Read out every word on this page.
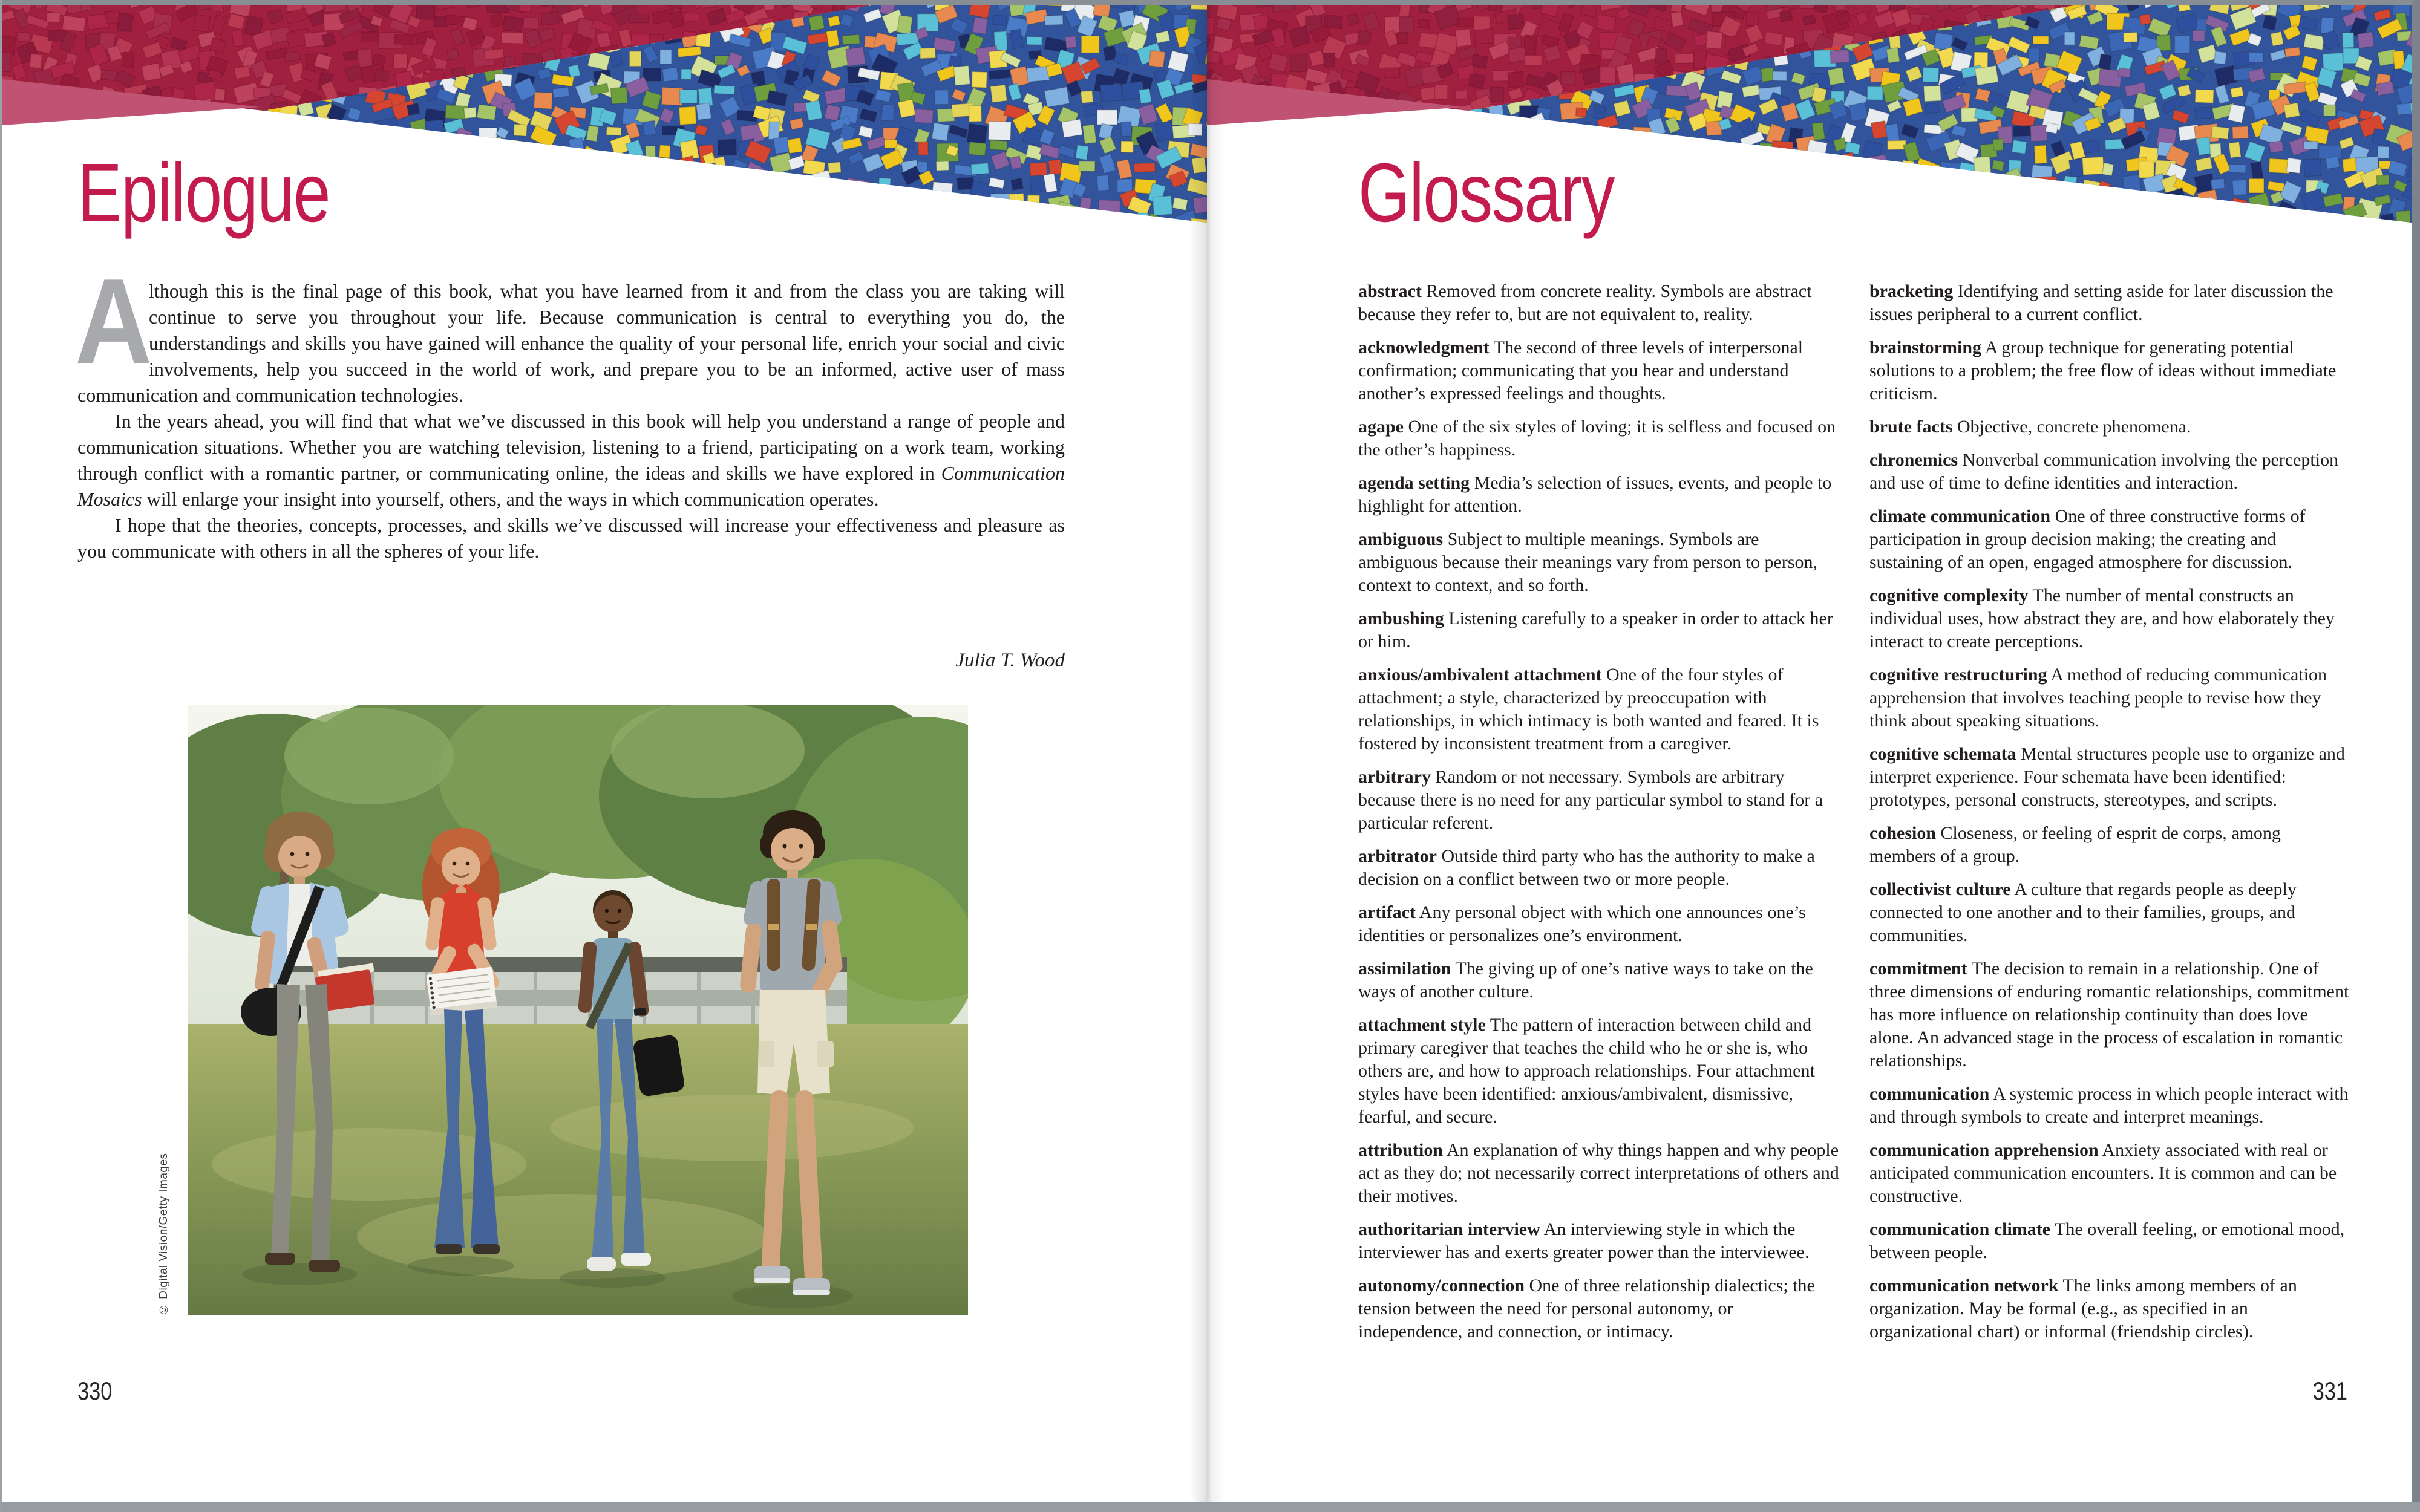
Epilogue
A

lthough this is the final page of this book, what you have learned from it and from the class you are taking will continue to serve you throughout your life. Because communication is central to everything you do, the understandings and skills you have gained will enhance the quality of your personal life, enrich your social and civic involvements, help you succeed in the world of work, and prepare you to be an informed, active user of mass communication and communication technologies.

In the years ahead, you will find that what we’ve discussed in this book will help you understand a range of people and communication situations. Whether you are watching television, listening to a friend, participating on a work team, working through conflict with a romantic partner, or communicating online, the ideas and skills we have explored in Communication Mosaics will enlarge your insight into yourself, others, and the ways in which communication operates.

I hope that the theories, concepts, processes, and skills we’ve discussed will increase your effectiveness and pleasure as you communicate with others in all the spheres of your life.

Julia T. Wood
© Digital Vision/Getty Images
330
Glossary

abstract Removed from concrete reality. Symbols are abstract because they refer to, but are not equivalent to, reality.

acknowledgment The second of three levels of interpersonal confirmation; communicating that you hear and understand another’s expressed feelings and thoughts.

agape One of the six styles of loving; it is selfless and focused on the other’s happiness.

agenda setting Media’s selection of issues, events, and people to highlight for attention.

ambiguous Subject to multiple meanings. Symbols are ambiguous because their meanings vary from person to person, context to context, and so forth.

ambushing Listening carefully to a speaker in order to attack her or him.

anxious/ambivalent attachment One of the four styles of attachment; a style, characterized by preoccupation with relationships, in which intimacy is both wanted and feared. It is fostered by inconsistent treatment from a caregiver.

arbitrary Random or not necessary. Symbols are arbitrary because there is no need for any particular symbol to stand for a particular referent.

arbitrator Outside third party who has the authority to make a decision on a conflict between two or more people.

artifact Any personal object with which one announces one’s identities or personalizes one’s environment.

assimilation The giving up of one’s native ways to take on the ways of another culture.

attachment style The pattern of interaction between child and primary caregiver that teaches the child who he or she is, who others are, and how to approach relationships. Four attachment styles have been identified: anxious/ambivalent, dismissive, fearful, and secure.

attribution An explanation of why things happen and why people act as they do; not necessarily correct interpretations of others and their motives.

authoritarian interview An interviewing style in which the interviewer has and exerts greater power than the interviewee.

autonomy/connection One of three relationship dialectics; the tension between the need for personal autonomy, or independence, and connection, or intimacy.

bracketing Identifying and setting aside for later discussion the issues peripheral to a current conflict.

brainstorming A group technique for generating potential solutions to a problem; the free flow of ideas without immediate criticism.

brute facts Objective, concrete phenomena.

chronemics Nonverbal communication involving the perception and use of time to define identities and interaction.

climate communication One of three constructive forms of participation in group decision making; the creating and sustaining of an open, engaged atmosphere for discussion.

cognitive complexity The number of mental constructs an individual uses, how abstract they are, and how elaborately they interact to create perceptions.

cognitive restructuring A method of reducing communication apprehension that involves teaching people to revise how they think about speaking situations.

cognitive schemata Mental structures people use to organize and interpret experience. Four schemata have been identified: prototypes, personal constructs, stereotypes, and scripts.

cohesion Closeness, or feeling of esprit de corps, among members of a group.

collectivist culture A culture that regards people as deeply connected to one another and to their families, groups, and communities.

commitment The decision to remain in a relationship. One of three dimensions of enduring romantic relationships, commitment has more influence on relationship continuity than does love alone. An advanced stage in the process of escalation in romantic relationships.

communication A systemic process in which people interact with and through symbols to create and interpret meanings.

communication apprehension Anxiety associated with real or anticipated communication encounters. It is common and can be constructive.

communication climate The overall feeling, or emotional mood, between people.

communication network The links among members of an organization. May be formal (e.g., as specified in an organizational chart) or informal (friendship circles).

331
